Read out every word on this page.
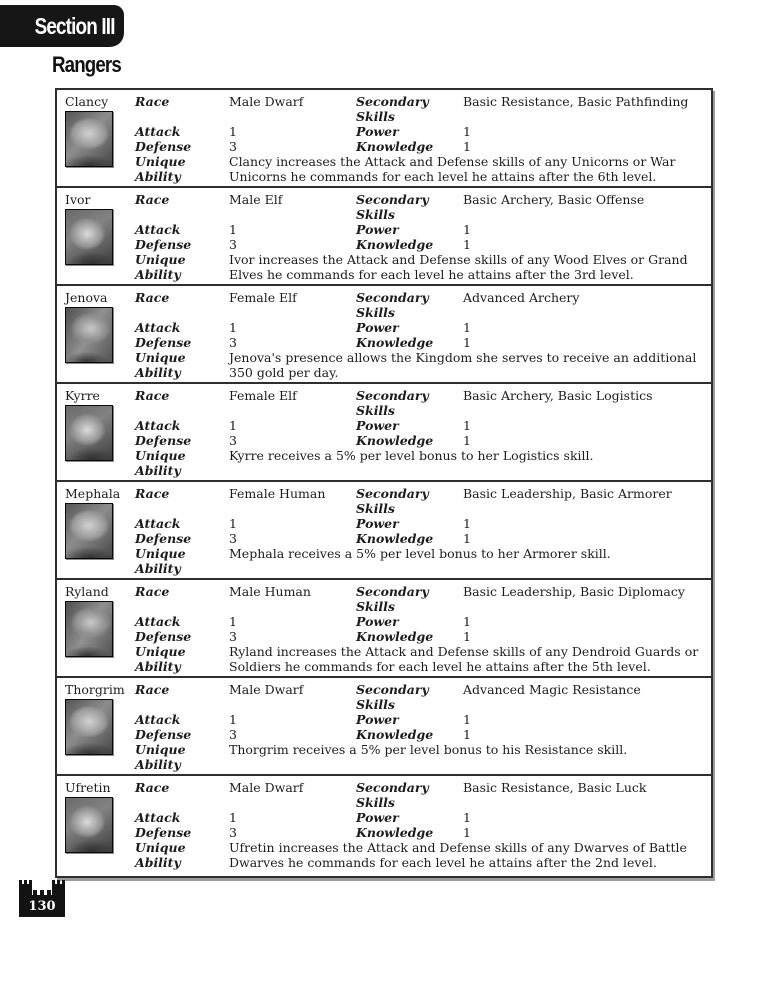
Section III
Rangers
Clancy	Race	Male Dwarf	Secondary Skills
Basic Resistance, Basic Pathfinding
Attack	1	Power	1
Defense	3	Knowledge	1
Unique Ability
Clancy increases the Attack and Defense skills of any Unicorns or War Unicorns he commands for each level he attains after the 6th level.
Ivor	Race	Male Elf	Secondary Skills
Basic Archery, Basic Offense
Attack	1	Power	1
Defense	3	Knowledge	1
Unique Ability
Ivor increases the Attack and Defense skills of any Wood Elves or Grand Elves he commands for each level he attains after the 3rd level.
Jenova	Race	Female Elf	Secondary Skills
Advanced Archery
Attack	1	Power	1
Defense	3	Knowledge	1
Unique Ability
Jenova's presence allows the Kingdom she serves to receive an additional 350 gold per day.
Kyrre	Race	Female Elf	Secondary Skills
Basic Archery, Basic Logistics
Attack	1	Power	1
Defense	3	Knowledge	1
Unique Ability
Kyrre receives a 5% per level bonus to her Logistics skill.
Mephala	Race	Female Human	Secondary Skills
Basic Leadership, Basic Armorer
Attack	1	Power	1
Defense	3	Knowledge	1
Unique Ability
Mephala receives a 5% per level bonus to her Armorer skill.
Ryland	Race	Male Human	Secondary Skills
Basic Leadership, Basic Diplomacy
Attack	1	Power	1
Defense	3	Knowledge	1
Unique Ability
Ryland increases the Attack and Defense skills of any Dendroid Guards or Soldiers he commands for each level he attains after the 5th level.
Thorgrim Race	Male Dwarf	Secondary Skills
Advanced Magic Resistance
Attack	1	Power	1
Defense	3	Knowledge	1
Unique Ability
Thorgrim receives a 5% per level bonus to his Resistance skill.
Ufretin	Race	Male Dwarf	Secondary Skills
Basic Resistance, Basic Luck
Attack	1	Power	1
Defense	3	Knowledge	1
Unique Ability
Ufretin increases the Attack and Defense skills of any Dwarves of Battle Dwarves he commands for each level he attains after the 2nd level.
130
